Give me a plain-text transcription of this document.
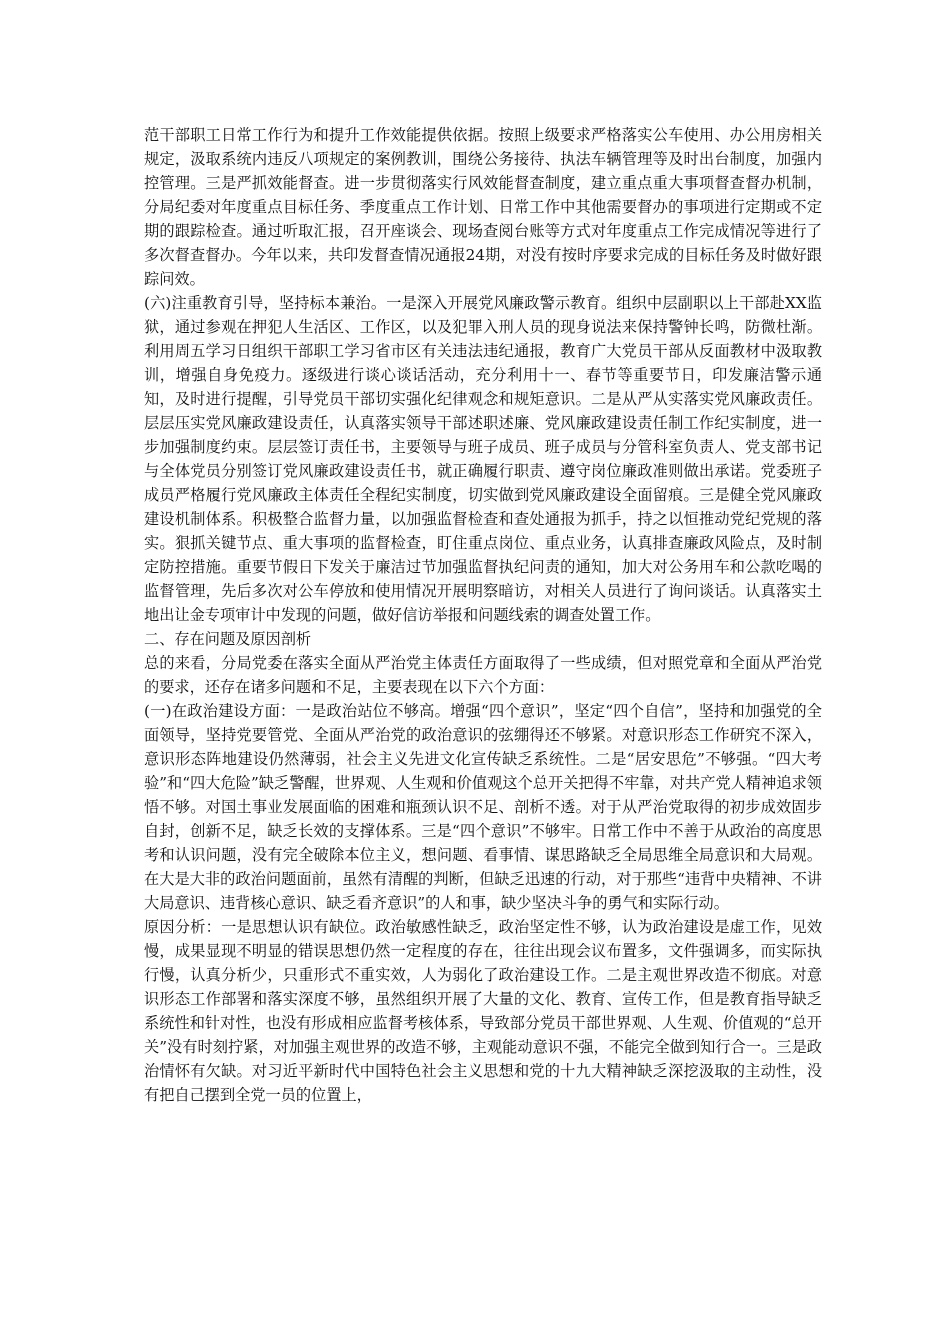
范干部职工日常工作行为和提升工作效能提供依据。按照上级要求严格落实公车使用、办公用房相关规定，汲取系统内违反八项规定的案例教训，围绕公务接待、执法车辆管理等及时出台制度，加强内控管理。三是严抓效能督查。进一步贯彻落实行风效能督查制度，建立重点重大事项督查督办机制，分局纪委对年度重点目标任务、季度重点工作计划、日常工作中其他需要督办的事项进行定期或不定期的跟踪检查。通过听取汇报，召开座谈会、现场查阅台账等方式对年度重点工作完成情况等进行了多次督查督办。今年以来，共印发督查情况通报24期，对没有按时序要求完成的目标任务及时做好跟踪问效。

(六)注重教育引导，坚持标本兼治。一是深入开展党风廉政警示教育。组织中层副职以上干部赴XX监狱，通过参观在押犯人生活区、工作区，以及犯罪入刑人员的现身说法来保持警钟长鸣，防微杜渐。利用周五学习日组织干部职工学习省市区有关违法违纪通报，教育广大党员干部从反面教材中汲取教训，增强自身免疫力。逐级进行谈心谈话活动，充分利用十一、春节等重要节日，印发廉洁警示通知，及时进行提醒，引导党员干部切实强化纪律观念和规矩意识。二是从严从实落实党风廉政责任。层层压实党风廉政建设责任，认真落实领导干部述职述廉、党风廉政建设责任制工作纪实制度，进一步加强制度约束。层层签订责任书，主要领导与班子成员、班子成员与分管科室负责人、党支部书记与全体党员分别签订党风廉政建设责任书，就正确履行职责、遵守岗位廉政准则做出承诺。党委班子成员严格履行党风廉政主体责任全程纪实制度，切实做到党风廉政建设全面留痕。三是健全党风廉政建设机制体系。积极整合监督力量，以加强监督检查和查处通报为抓手，持之以恒推动党纪党规的落实。狠抓关键节点、重大事项的监督检查，盯住重点岗位、重点业务，认真排查廉政风险点，及时制定防控措施。重要节假日下发关于廉洁过节加强监督执纪问责的通知，加大对公务用车和公款吃喝的监督管理，先后多次对公车停放和使用情况开展明察暗访，对相关人员进行了询问谈话。认真落实土地出让金专项审计中发现的问题，做好信访举报和问题线索的调查处置工作。

二、存在问题及原因剖析

总的来看，分局党委在落实全面从严治党主体责任方面取得了一些成绩，但对照党章和全面从严治党的要求，还存在诸多问题和不足，主要表现在以下六个方面：

(一)在政治建设方面：一是政治站位不够高。增强“四个意识”，坚定“四个自信”，坚持和加强党的全面领导，坚持党要管党、全面从严治党的政治意识的弦绷得还不够紧。对意识形态工作研究不深入，意识形态阵地建设仍然薄弱，社会主义先进文化宣传缺乏系统性。二是“居安思危”不够强。“四大考验”和“四大危险”缺乏警醒，世界观、人生观和价值观这个总开关把得不牢靠，对共产党人精神追求领悟不够。对国土事业发展面临的困难和瓶颈认识不足、剖析不透。对于从严治党取得的初步成效固步自封，创新不足，缺乏长效的支撑体系。三是“四个意识”不够牢。日常工作中不善于从政治的高度思考和认识问题，没有完全破除本位主义，想问题、看事情、谋思路缺乏全局思维全局意识和大局观。在大是大非的政治问题面前，虽然有清醒的判断，但缺乏迅速的行动，对于那些“违背中央精神、不讲大局意识、违背核心意识、缺乏看齐意识”的人和事，缺少坚决斗争的勇气和实际行动。

原因分析：一是思想认识有缺位。政治敏感性缺乏，政治坚定性不够，认为政治建设是虚工作，见效慢，成果显现不明显的错误思想仍然一定程度的存在，往往出现会议布置多，文件强调多，而实际执行慢，认真分析少，只重形式不重实效，人为弱化了政治建设工作。二是主观世界改造不彻底。对意识形态工作部署和落实深度不够，虽然组织开展了大量的文化、教育、宣传工作，但是教育指导缺乏系统性和针对性，也没有形成相应监督考核体系，导致部分党员干部世界观、人生观、价值观的“总开关”没有时刻拧紧，对加强主观世界的改造不够，主观能动意识不强，不能完全做到知行合一。三是政治情怀有欠缺。对习近平新时代中国特色社会主义思想和党的十九大精神缺乏深挖汲取的主动性，没有把自己摆到全党一员的位置上，
